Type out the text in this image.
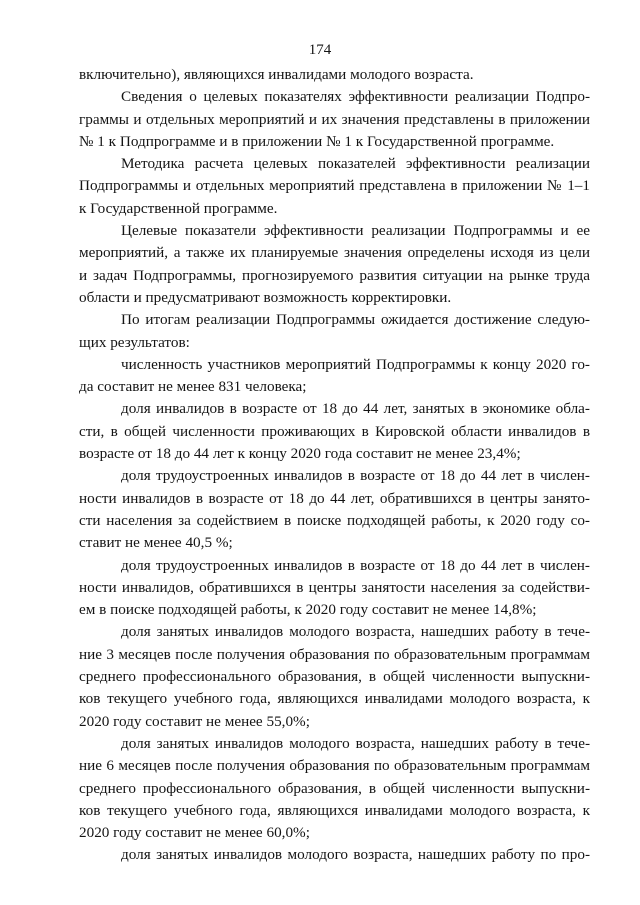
174
включительно), являющихся инвалидами молодого возраста.
Сведения о целевых показателях эффективности реализации Подпро-
граммы и отдельных мероприятий и их значения представлены в приложении
№ 1 к Подпрограмме и в приложении № 1 к Государственной программе.
Методика расчета целевых показателей эффективности реализации
Подпрограммы и отдельных мероприятий представлена в приложении № 1–1
к Государственной программе.
Целевые показатели эффективности реализации Подпрограммы и ее
мероприятий, а также их планируемые значения определены исходя из цели
и задач Подпрограммы, прогнозируемого развития ситуации на рынке труда
области и предусматривают возможность корректировки.
По итогам реализации Подпрограммы ожидается достижение следую-
щих результатов:
численность участников мероприятий Подпрограммы к концу 2020 го-
да составит не менее 831 человека;
доля инвалидов в возрасте от 18 до 44 лет, занятых в экономике обла-
сти, в общей численности проживающих в Кировской области инвалидов в
возрасте от 18 до 44 лет к концу 2020 года составит не менее 23,4%;
доля трудоустроенных инвалидов в возрасте от 18 до 44 лет в числен-
ности инвалидов в возрасте от 18 до 44 лет, обратившихся в центры занято-
сти населения за содействием в поиске подходящей работы, к 2020 году со-
ставит не менее 40,5 %;
доля трудоустроенных инвалидов в возрасте от 18 до 44 лет в числен-
ности инвалидов, обратившихся в центры занятости населения за содействи-
ем в поиске подходящей работы, к 2020 году составит не менее 14,8%;
доля занятых инвалидов молодого возраста, нашедших работу в тече-
ние 3 месяцев после получения образования по образовательным программам
среднего профессионального образования, в общей численности выпускни-
ков текущего учебного года, являющихся инвалидами молодого возраста, к
2020 году составит не менее 55,0%;
доля занятых инвалидов молодого возраста, нашедших работу в тече-
ние 6 месяцев после получения образования по образовательным программам
среднего профессионального образования, в общей численности выпускни-
ков текущего учебного года, являющихся инвалидами молодого возраста, к
2020 году составит не менее 60,0%;
доля занятых инвалидов молодого возраста, нашедших работу по про-
